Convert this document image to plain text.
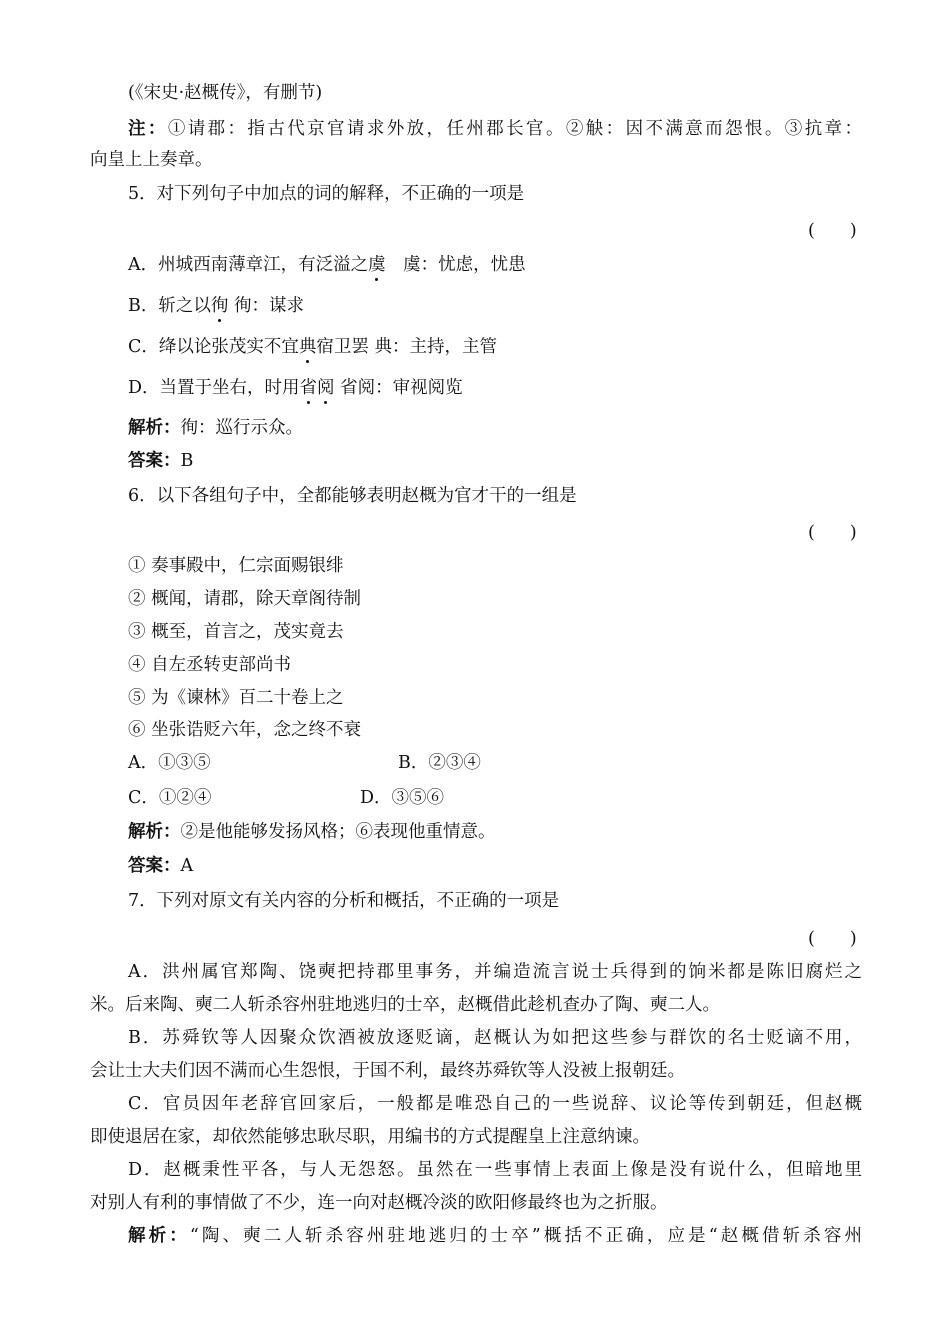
(《宋史·赵概传》，有删节)
注：①请郡：指古代京官请求外放，任州郡长官。②觖：因不满意而怨恨。③抗章：
向皇上上奏章。
5．对下列句子中加点的词的解释，不正确的一项是
(　　)
A．州城西南薄章江，有泛溢之虞　虞：忧虑，忧患
B．斩之以徇 徇：谋求
C．绛以论张茂实不宜典宿卫罢 典：主持，主管
D．当置于坐右，时用省阅 省阅：审视阅览
解析：徇：巡行示众。
答案：B
6．以下各组句子中，全都能够表明赵概为官才干的一组是
(　　)
① 奏事殿中，仁宗面赐银绯
② 概闻，请郡，除天章阁待制
③ 概至，首言之，茂实竟去
④ 自左丞转吏部尚书
⑤ 为《谏林》百二十卷上之
⑥ 坐张诰贬六年，念之终不衰
A．①③⑤	B．②③④
C．①②④	D．③⑤⑥
解析：②是他能够发扬风格；⑥表现他重情意。
答案：A
7．下列对原文有关内容的分析和概括，不正确的一项是
(　　)
A．洪州属官郑陶、饶奭把持郡里事务，并编造流言说士兵得到的饷米都是陈旧腐烂之
米。后来陶、奭二人斩杀容州驻地逃归的士卒，赵概借此趁机查办了陶、奭二人。
B．苏舜钦等人因聚众饮酒被放逐贬谪，赵概认为如把这些参与群饮的名士贬谪不用，
会让士大夫们因不满而心生怨恨，于国不利，最终苏舜钦等人没被上报朝廷。
C．官员因年老辞官回家后，一般都是唯恐自己的一些说辞、议论等传到朝廷，但赵概
即使退居在家，却依然能够忠耿尽职，用编书的方式提醒皇上注意纳谏。
D．赵概秉性平各，与人无怨怒。虽然在一些事情上表面上像是没有说什么，但暗地里
对别人有利的事情做了不少，连一向对赵概冷淡的欧阳修最终也为之折服。
解析：“陶、奭二人斩杀容州驻地逃归的士卒”概括不正确，应是“赵概借斩杀容州
